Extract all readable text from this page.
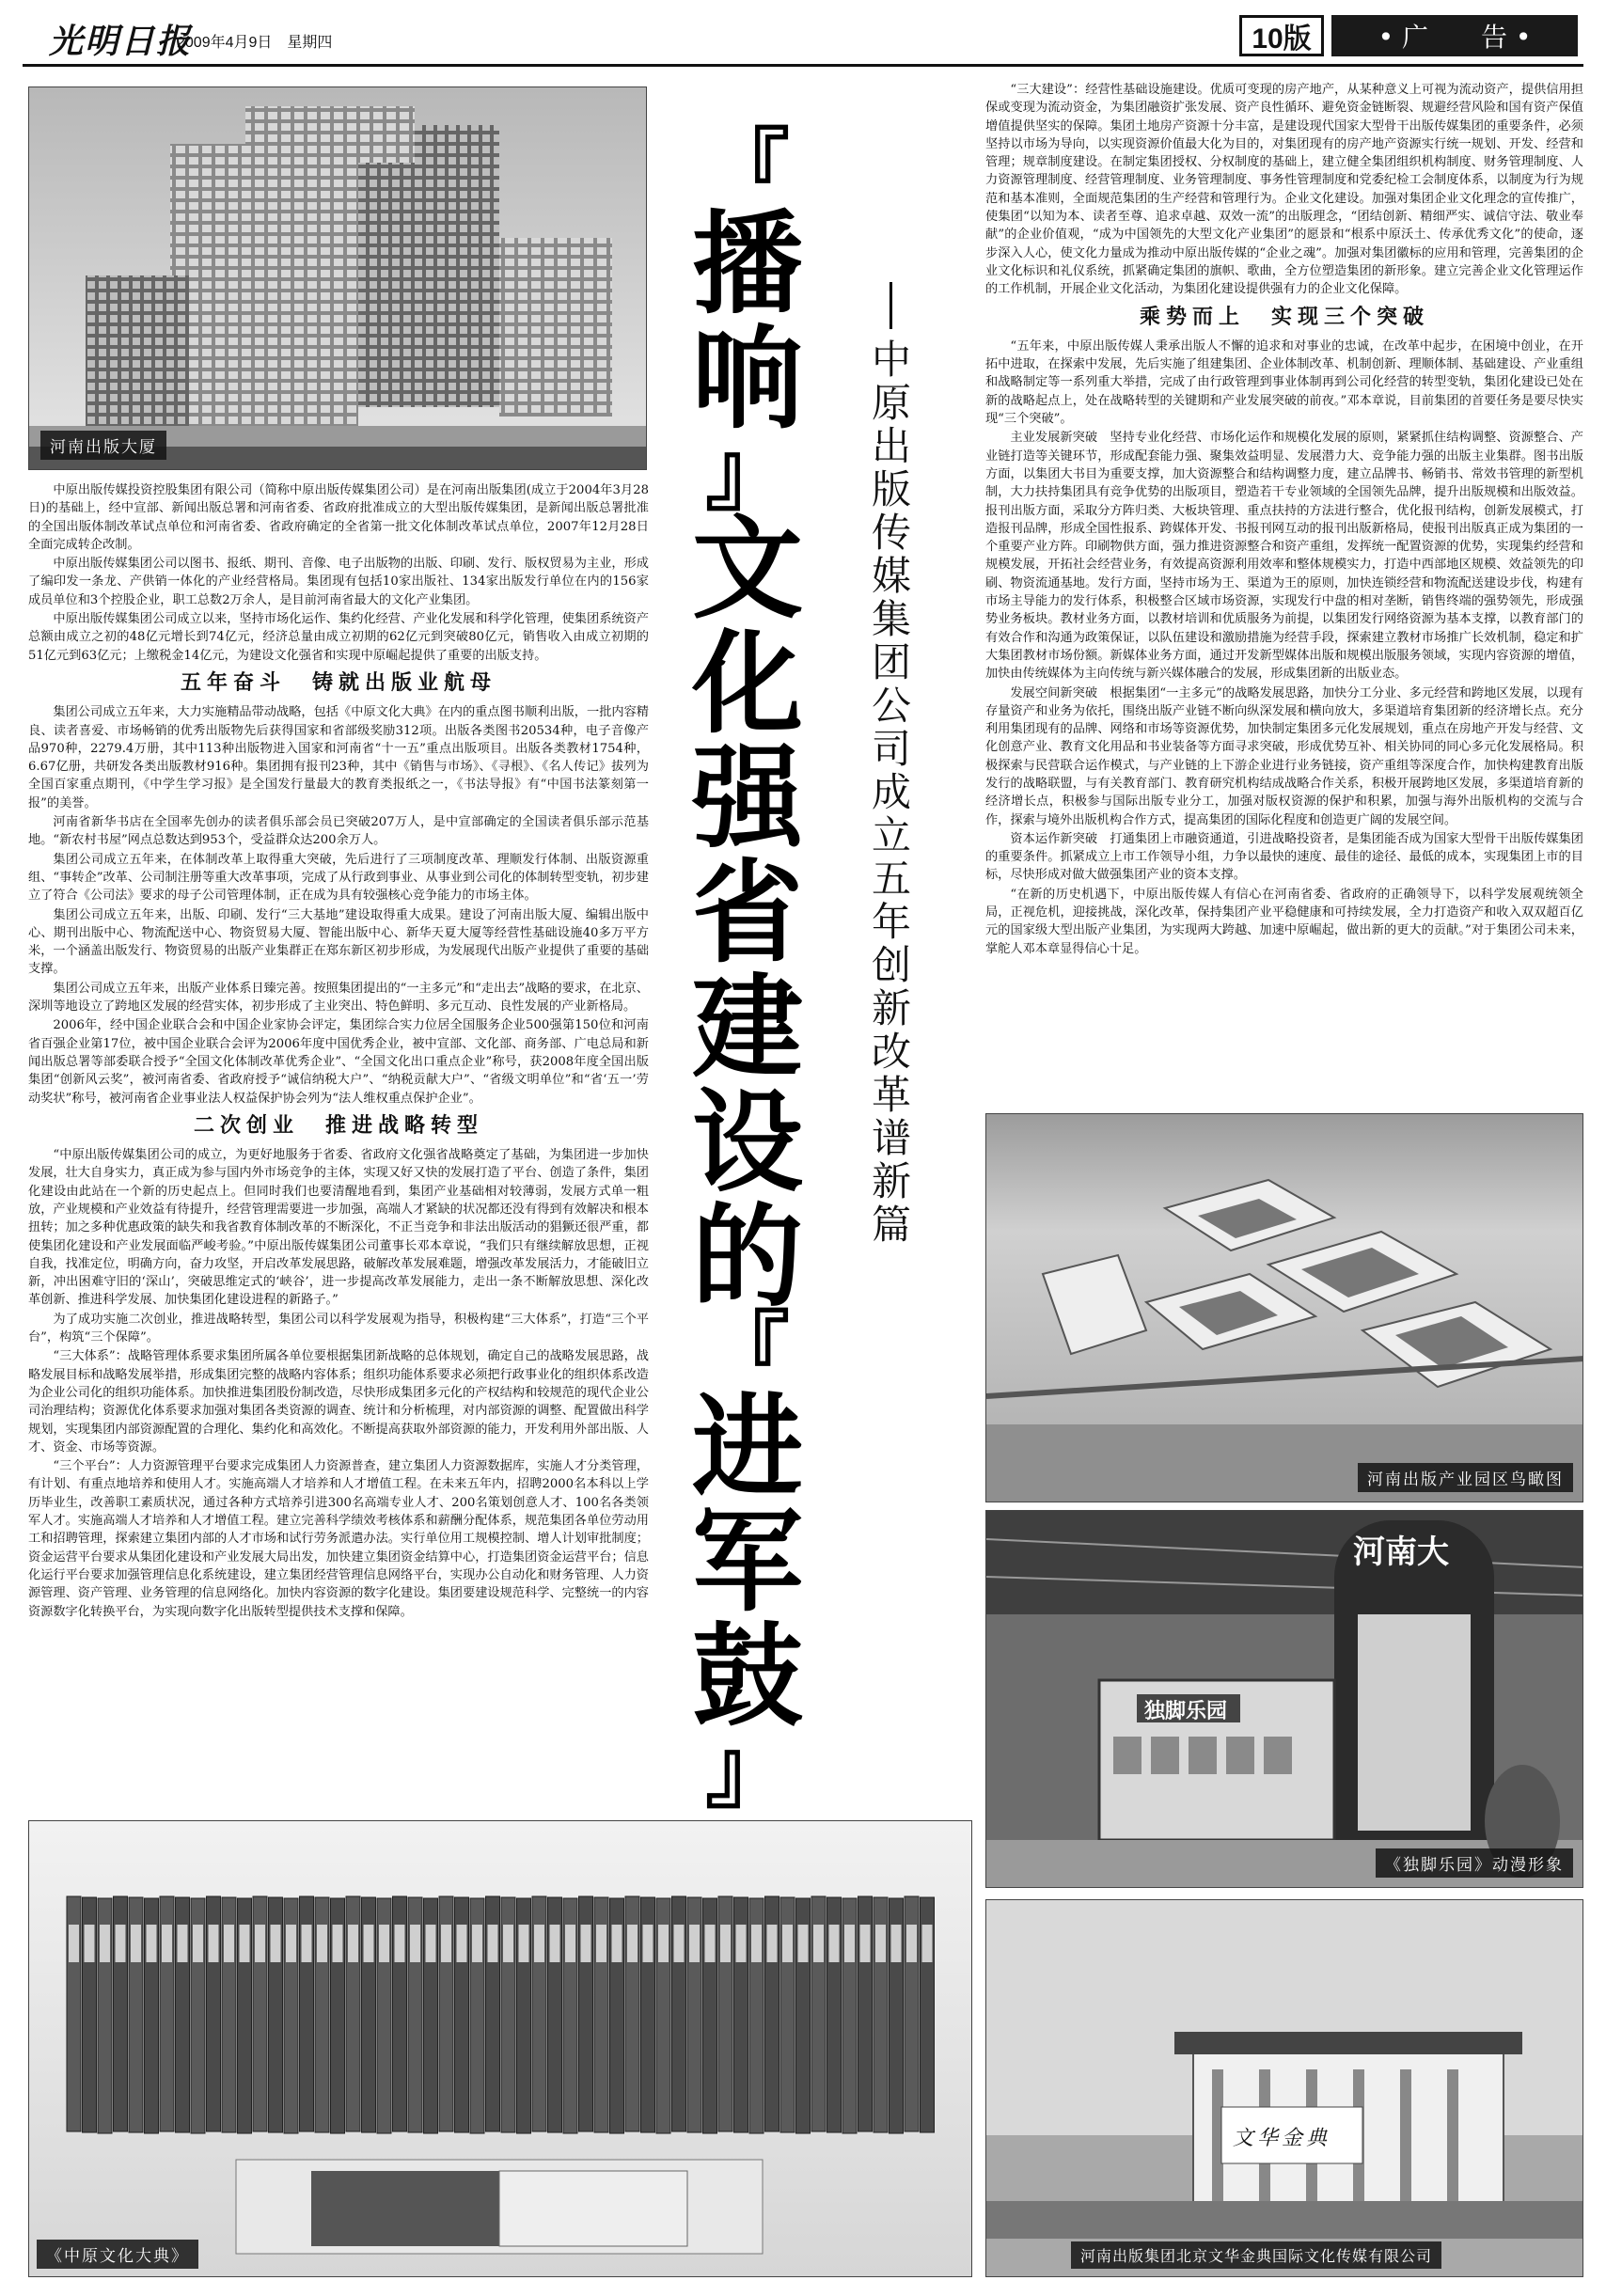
光明日报
2009年4月9日　星期四	10版	• 广　　告 •
河南出版大厦

中原出版传媒投资控股集团有限公司（简称中原出版传媒集团公司）是在河南出版集团(成立于2004年3月28日)的基础上，经中宣部、新闻出版总署和河南省委、省政府批准成立的大型出版传媒集团，是新闻出版总署批准的全国出版体制改革试点单位和河南省委、省政府确定的全省第一批文化体制改革试点单位，2007年12月28日全面完成转企改制。

中原出版传媒集团公司以图书、报纸、期刊、音像、电子出版物的出版、印刷、发行、版权贸易为主业，形成了编印发一条龙、产供销一体化的产业经营格局。集团现有包括10家出版社、134家出版发行单位在内的156家成员单位和3个控股企业，职工总数2万余人，是目前河南省最大的文化产业集团。

中原出版传媒集团公司成立以来，坚持市场化运作、集约化经营、产业化发展和科学化管理，使集团系统资产总额由成立之初的48亿元增长到74亿元，经济总量由成立初期的62亿元到突破80亿元，销售收入由成立初期的51亿元到63亿元；上缴税金14亿元，为建设文化强省和实现中原崛起提供了重要的出版支持。

五年奋斗　铸就出版业航母

集团公司成立五年来，大力实施精品带动战略，包括《中原文化大典》在内的重点图书顺利出版，一批内容精良、读者喜爱、市场畅销的优秀出版物先后获得国家和省部级奖励312项。出版各类图书20534种，电子音像产品970种，2279.4万册，其中113种出版物进入国家和河南省“十一五”重点出版项目。出版各类教材1754种，6.67亿册，共研发各类出版教材916种。集团拥有报刊23种，其中《销售与市场》、《寻根》、《名人传记》拔列为全国百家重点期刊，《中学生学习报》是全国发行量最大的教育类报纸之一，《书法导报》有“中国书法篆刻第一报”的美誉。

河南省新华书店在全国率先创办的读者俱乐部会员已突破207万人，是中宣部确定的全国读者俱乐部示范基地。“新农村书屋”网点总数达到953个，受益群众达200余万人。

集团公司成立五年来，在体制改革上取得重大突破，先后进行了三项制度改革、理顺发行体制、出版资源重组、“事转企”改革、公司制注册等重大改革事项，完成了从行政到事业、从事业到公司化的体制转型变轨，初步建立了符合《公司法》要求的母子公司管理体制，正在成为具有较强核心竞争能力的市场主体。

集团公司成立五年来，出版、印刷、发行“三大基地”建设取得重大成果。建设了河南出版大厦、编辑出版中心、期刊出版中心、物流配送中心、物资贸易大厦、智能出版中心、新华天夏大厦等经营性基础设施40多万平方米，一个涵盖出版发行、物资贸易的出版产业集群正在郑东新区初步形成，为发展现代出版产业提供了重要的基础支撑。

集团公司成立五年来，出版产业体系日臻完善。按照集团提出的“一主多元”和“走出去”战略的要求，在北京、深圳等地设立了跨地区发展的经营实体，初步形成了主业突出、特色鲜明、多元互动、良性发展的产业新格局。

2006年，经中国企业联合会和中国企业家协会评定，集团综合实力位居全国服务企业500强第150位和河南省百强企业第17位，被中国企业联合会评为2006年度中国优秀企业，被中宣部、文化部、商务部、广电总局和新闻出版总署等部委联合授予“全国文化体制改革优秀企业”、“全国文化出口重点企业”称号，获2008年度全国出版集团“创新风云奖”，被河南省委、省政府授予“诚信纳税大户”、“纳税贡献大户”、“省级文明单位”和“省‘五一’劳动奖状”称号，被河南省企业事业法人权益保护协会列为“法人维权重点保护企业”。

二次创业　推进战略转型

“中原出版传媒集团公司的成立，为更好地服务于省委、省政府文化强省战略奠定了基础，为集团进一步加快发展，壮大自身实力，真正成为参与国内外市场竞争的主体，实现又好又快的发展打造了平台、创造了条件，集团化建设由此站在一个新的历史起点上。但同时我们也要清醒地看到，集团产业基础相对较薄弱，发展方式单一粗放，产业规模和产业效益有待提升，经营管理需要进一步加强，高端人才紧缺的状况都还没有得到有效解决和根本扭转；加之多种优惠政策的缺失和我省教育体制改革的不断深化，不正当竞争和非法出版活动的猖獗还很严重，都使集团化建设和产业发展面临严峻考验。”中原出版传媒集团公司董事长邓本章说，“我们只有继续解放思想，正视自我，找准定位，明确方向，奋力攻坚，开启改革发展思路，破解改革发展难题，增强改革发展活力，才能破旧立新，冲出困难守旧的‘深山’，突破思维定式的‘峡谷’，进一步提高改革发展能力，走出一条不断解放思想、深化改革创新、推进科学发展、加快集团化建设进程的新路子。”

为了成功实施二次创业，推进战略转型，集团公司以科学发展观为指导，积极构建“三大体系”，打造“三个平台”，构筑“三个保障”。

“三大体系”：战略管理体系要求集团所属各单位要根据集团新战略的总体规划，确定自己的战略发展思路，战略发展目标和战略发展举措，形成集团完整的战略内容体系；组织功能体系要求必须把行政事业化的组织体系改造为企业公司化的组织功能体系。加快推进集团股份制改造，尽快形成集团多元化的产权结构和较规范的现代企业公司治理结构；资源优化体系要求加强对集团各类资源的调查、统计和分析梳理，对内部资源的调整、配置做出科学规划，实现集团内部资源配置的合理化、集约化和高效化。不断提高获取外部资源的能力，开发利用外部出版、人才、资金、市场等资源。

“三个平台”：人力资源管理平台要求完成集团人力资源普查，建立集团人力资源数据库，实施人才分类管理，有计划、有重点地培养和使用人才。实施高端人才培养和人才增值工程。在未来五年内，招聘2000名本科以上学历毕业生，改善职工素质状况，通过各种方式培养引进300名高端专业人才、200名策划创意人才、100名各类领军人才。实施高端人才培养和人才增值工程。建立完善科学绩效考核体系和薪酬分配体系，规范集团各单位劳动用工和招聘管理，探索建立集团内部的人才市场和试行劳务派遣办法。实行单位用工规模控制、增人计划审批制度；资金运营平台要求从集团化建设和产业发展大局出发，加快建立集团资金结算中心，打造集团资金运营平台；信息化运行平台要求加强管理信息化系统建设，建立集团经营管理信息网络平台，实现办公自动化和财务管理、人力资源管理、资产管理、业务管理的信息网络化。加快内容资源的数字化建设。集团要建设规范科学、完整统一的内容资源数字化转换平台，为实现向数字化出版转型提供技术支撑和保障。

『
播
响
』
文
化
强
省
建
设
的
『
进
军
鼓
』
中
原
出
版
传
媒
集
团
公
司
成
立
五
年
创
新
改
革
谱
新
篇

“三大建设”：经营性基础设施建设。优质可变现的房产地产，从某种意义上可视为流动资产，提供信用担保或变现为流动资金，为集团融资扩张发展、资产良性循环、避免资金链断裂、规避经营风险和国有资产保值增值提供坚实的保障。集团土地房产资源十分丰富，是建设现代国家大型骨干出版传媒集团的重要条件，必须坚持以市场为导向，以实现资源价值最大化为目的，对集团现有的房产地产资源实行统一规划、开发、经营和管理；规章制度建设。在制定集团授权、分权制度的基础上，建立健全集团组织机构制度、财务管理制度、人力资源管理制度、经营管理制度、业务管理制度、事务性管理制度和党委纪检工会制度体系，以制度为行为规范和基本准则，全面规范集团的生产经营和管理行为。企业文化建设。加强对集团企业文化理念的宣传推广，使集团“以知为本、读者至尊、追求卓越、双效一流”的出版理念，“团结创新、精细严实、诚信守法、敬业奉献”的企业价值观，“成为中国领先的大型文化产业集团”的愿景和“根系中原沃土、传承优秀文化”的使命，逐步深入人心，使文化力量成为推动中原出版传媒的“企业之魂”。加强对集团徽标的应用和管理，完善集团的企业文化标识和礼仪系统，抓紧确定集团的旗帜、歌曲，全方位塑造集团的新形象。建立完善企业文化管理运作的工作机制，开展企业文化活动，为集团化建设提供强有力的企业文化保障。

乘势而上　实现三个突破

“五年来，中原出版传媒人秉承出版人不懈的追求和对事业的忠诚，在改革中起步，在困境中创业，在开拓中进取，在探索中发展，先后实施了组建集团、企业体制改革、机制创新、理顺体制、基础建设、产业重组和战略制定等一系列重大举措，完成了由行政管理到事业体制再到公司化经营的转型变轨，集团化建设已处在新的战略起点上，处在战略转型的关键期和产业发展突破的前夜。”邓本章说，目前集团的首要任务是要尽快实现“三个突破”。

主业发展新突破　坚持专业化经营、市场化运作和规模化发展的原则，紧紧抓住结构调整、资源整合、产业链打造等关键环节，形成配套能力强、聚集效益明显、发展潜力大、竞争能力强的出版主业集群。图书出版方面，以集团大书目为重要支撑，加大资源整合和结构调整力度，建立品牌书、畅销书、常效书管理的新型机制，大力扶持集团具有竞争优势的出版项目，塑造若干专业领域的全国领先品牌，提升出版规模和出版效益。报刊出版方面，采取分方阵归类、大板块管理、重点扶持的方法进行整合，优化报刊结构，创新发展模式，打造报刊品牌，形成全国性报系、跨媒体开发、书报刊网互动的报刊出版新格局，使报刊出版真正成为集团的一个重要产业方阵。印刷物供方面，强力推进资源整合和资产重组，发挥统一配置资源的优势，实现集约经营和规模发展，开拓社会经营业务，有效提高资源利用效率和整体规模实力，打造中西部地区规模、效益领先的印刷、物资流通基地。发行方面，坚持市场为王、渠道为王的原则，加快连锁经营和物流配送建设步伐，构建有市场主导能力的发行体系，积极整合区域市场资源，实现发行中盘的相对垄断，销售终端的强势领先，形成强势业务板块。教材业务方面，以教材培训和优质服务为前提，以集团发行网络资源为基本支撑，以教育部门的有效合作和沟通为政策保证，以队伍建设和激励措施为经营手段，探索建立教材市场推广长效机制，稳定和扩大集团教材市场份额。新媒体业务方面，通过开发新型媒体出版和规模出版服务领域，实现内容资源的增值，加快由传统媒体为主向传统与新兴媒体融合的发展，形成集团新的出版业态。

发展空间新突破　根据集团“一主多元”的战略发展思路，加快分工分业、多元经营和跨地区发展，以现有存量资产和业务为依托，围绕出版产业链不断向纵深发展和横向放大，多渠道培育集团新的经济增长点。充分利用集团现有的品牌、网络和市场等资源优势，加快制定集团多元化发展规划，重点在房地产开发与经营、文化创意产业、教育文化用品和书业装备等方面寻求突破，形成优势互补、相关协同的同心多元化发展格局。积极探索与民营联合运作模式，与产业链的上下游企业进行业务链接，资产重组等深度合作，加快构建教育出版发行的战略联盟，与有关教育部门、教育研究机构结成战略合作关系，积极开展跨地区发展，多渠道培育新的经济增长点，积极参与国际出版专业分工，加强对版权资源的保护和积累，加强与海外出版机构的交流与合作，探索与境外出版机构合作方式，提高集团的国际化程度和创造更广阔的发展空间。

资本运作新突破　打通集团上市融资通道，引进战略投资者，是集团能否成为国家大型骨干出版传媒集团的重要条件。抓紧成立上市工作领导小组，力争以最快的速度、最佳的途径、最低的成本，实现集团上市的目标，尽快形成对做大做强集团产业的资本支撑。

“在新的历史机遇下，中原出版传媒人有信心在河南省委、省政府的正确领导下，以科学发展观统领全局，正视危机，迎接挑战，深化改革，保持集团产业平稳健康和可持续发展，全力打造资产和收入双双超百亿元的国家级大型出版产业集团，为实现两大跨越、加速中原崛起，做出新的更大的贡献。”对于集团公司未来，掌舵人邓本章显得信心十足。

河南出版产业园区鸟瞰图
河南大
独脚乐园
《独脚乐园》动漫形象
《中原文化大典》
文华金典
河南出版集团北京文华金典国际文化传媒有限公司
